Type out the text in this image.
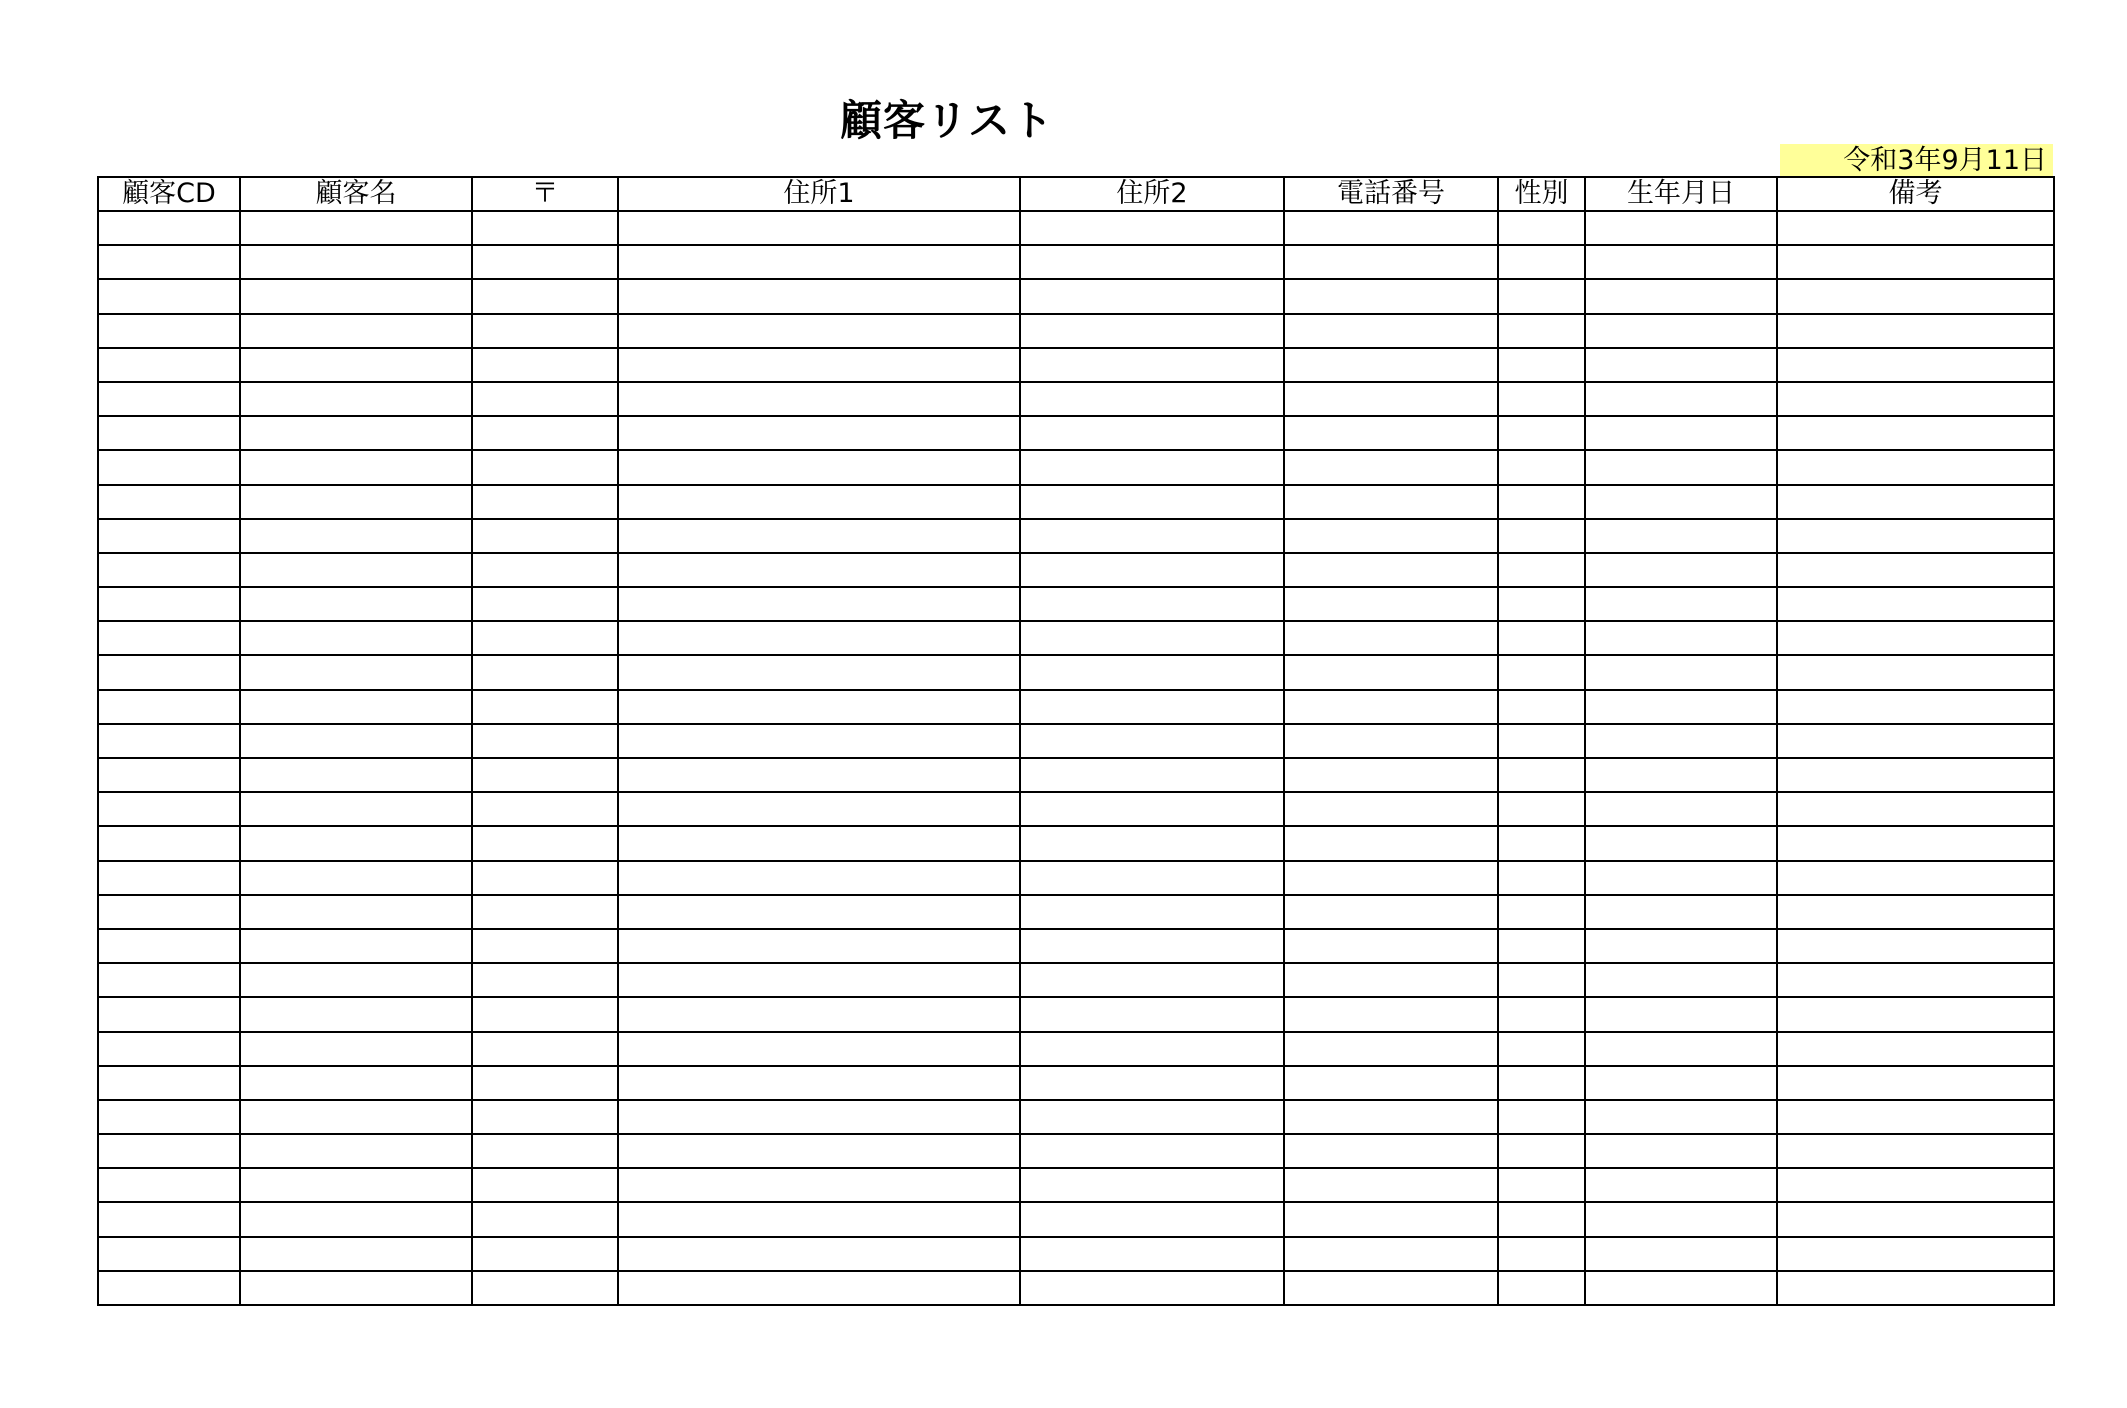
顧客リスト
令和3年9月11日
顧客CD	顧客名	〒	住所1	住所2	電話番号	性別	生年月日	備考
